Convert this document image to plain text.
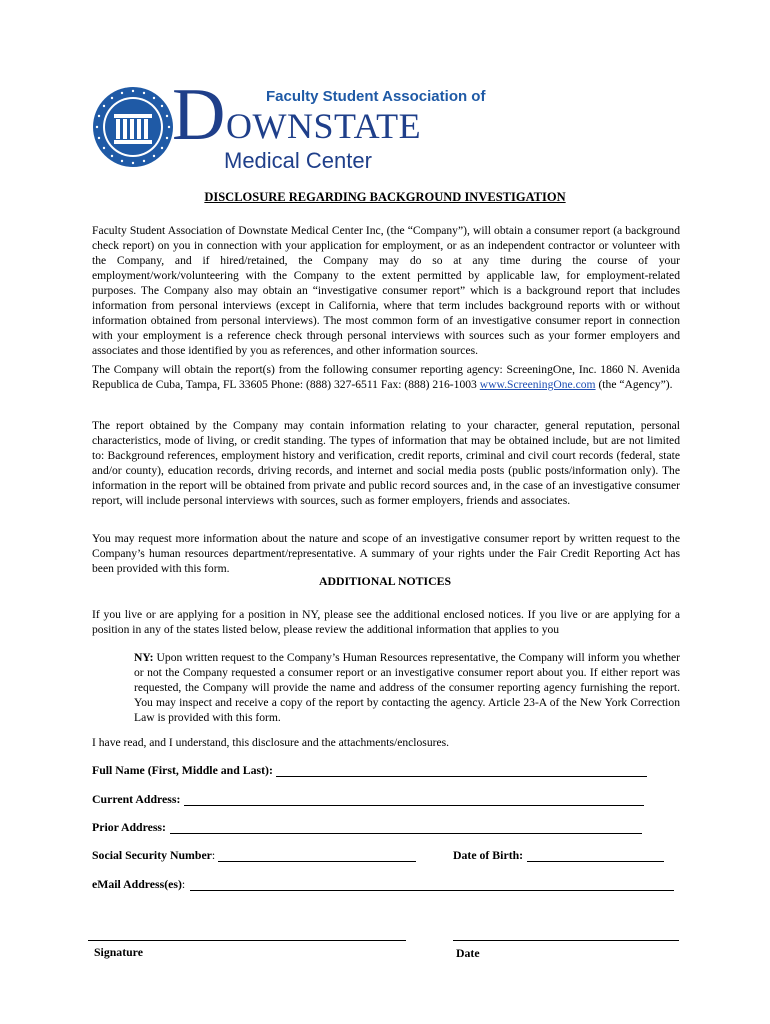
Faculty Student Association of
D OWNSTATE
Medical Center
DISCLOSURE REGARDING BACKGROUND INVESTIGATION

Faculty Student Association of Downstate Medical Center Inc, (the “Company”), will obtain a consumer report (a background check report) on you in connection with your application for employment, or as an independent contractor or volunteer with the Company, and if hired/retained, the Company may do so at any time during the course of your employment/work/volunteering with the Company to the extent permitted by applicable law, for employment-related purposes. The Company also may obtain an “investigative consumer report” which is a background report that includes information from personal interviews (except in California, where that term includes background reports with or without information obtained from personal interviews). The most common form of an investigative consumer report in connection with your employment is a reference check through personal interviews with sources such as your former employers and associates and those identified by you as references, and other information sources.

The Company will obtain the report(s) from the following consumer reporting agency: ScreeningOne, Inc. 1860 N. Avenida Republica de Cuba, Tampa, FL 33605 Phone: (888) 327-6511 Fax: (888) 216-1003 www.ScreeningOne.com (the “Agency”).

The report obtained by the Company may contain information relating to your character, general reputation, personal characteristics, mode of living, or credit standing. The types of information that may be obtained include, but are not limited to: Background references, employment history and verification, credit reports, criminal and civil court records (federal, state and/or county), education records, driving records, and internet and social media posts (public posts/information only). The information in the report will be obtained from private and public record sources and, in the case of an investigative consumer report, will include personal interviews with sources, such as former employers, friends and associates.

You may request more information about the nature and scope of an investigative consumer report by written request to the Company’s human resources department/representative. A summary of your rights under the Fair Credit Reporting Act has been provided with this form.

ADDITIONAL NOTICES

If you live or are applying for a position in NY, please see the additional enclosed notices. If you live or are applying for a position in any of the states listed below, please review the additional information that applies to you

NY: Upon written request to the Company’s Human Resources representative, the Company will inform you whether or not the Company requested a consumer report or an investigative consumer report about you. If either report was requested, the Company will provide the name and address of the consumer reporting agency furnishing the report. You may inspect and receive a copy of the report by contacting the agency. Article 23-A of the New York Correction Law is provided with this form.

I have read, and I understand, this disclosure and the attachments/enclosures.

Full Name (First, Middle and Last):
Current Address:
Prior Address:
Social Security Number:	Date of Birth:
eMail Address(es):
Signature	Date
